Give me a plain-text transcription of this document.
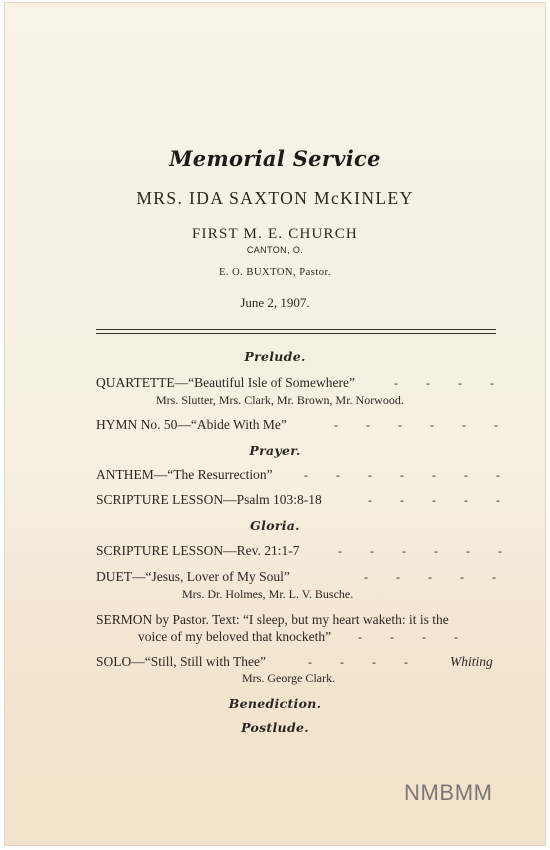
Memorial Service
MRS. IDA SAXTON McKINLEY
FIRST M. E. CHURCH
CANTON, O.
E. O. BUXTON, Pastor.
June 2, 1907.
Prelude.
QUARTETTE—“Beautiful Isle of Somewhere”	- - - -
Mrs. Slutter, Mrs. Clark, Mr. Brown, Mr. Norwood.
HYMN No. 50—“Abide With Me”	- - - - - -
Prayer.
ANTHEM—“The Resurrection”	- - - - - - -
SCRIPTURE LESSON—Psalm 103:8-18	- - - - -
Gloria.
SCRIPTURE LESSON—Rev. 21:1-7	- - - - - -
DUET—“Jesus, Lover of My Soul”	- - - - -
Mrs. Dr. Holmes, Mr. L. V. Busche.
SERMON by Pastor. Text: “I sleep, but my heart waketh: it is the
voice of my beloved that knocketh”	- - - -
SOLO—“Still, Still with Thee”	- - - -	Whiting
Mrs. George Clark.
Benediction.
Postlude.
NMBMM
